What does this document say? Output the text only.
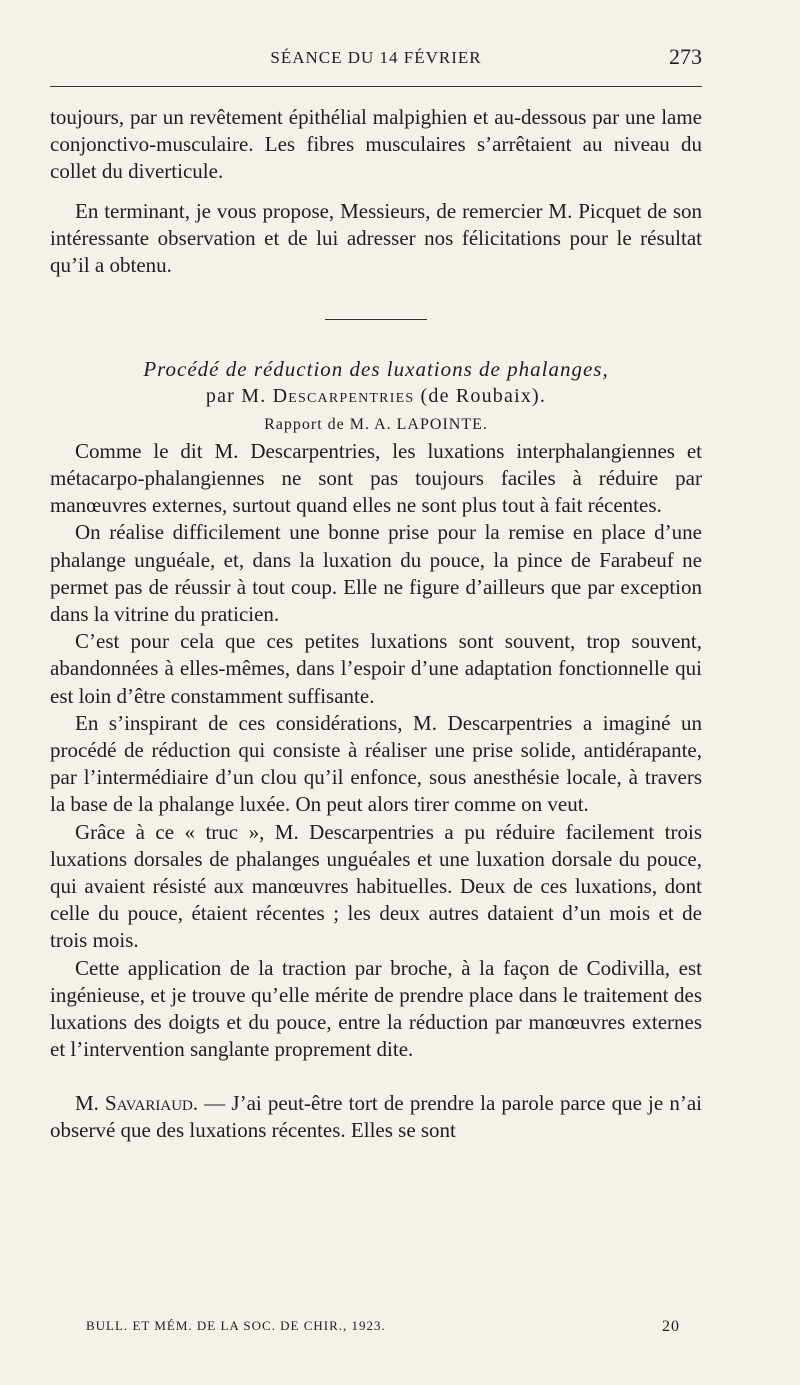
SÉANCE DU 14 FÉVRIER	273

toujours, par un revêtement épithélial malpighien et au-dessous par une lame conjonctivo-musculaire. Les fibres musculaires s’arrêtaient au niveau du collet du diverticule.

En terminant, je vous propose, Messieurs, de remercier M. Picquet de son intéressante observation et de lui adresser nos félicitations pour le résultat qu’il a obtenu.

Procédé de réduction des luxations de phalanges,

par M. Descarpentries (de Roubaix).

Rapport de M. A. LAPOINTE.

Comme le dit M. Descarpentries, les luxations interphalangiennes et métacarpo-phalangiennes ne sont pas toujours faciles à réduire par manœuvres externes, surtout quand elles ne sont plus tout à fait récentes.

On réalise difficilement une bonne prise pour la remise en place d’une phalange unguéale, et, dans la luxation du pouce, la pince de Farabeuf ne permet pas de réussir à tout coup. Elle ne figure d’ailleurs que par exception dans la vitrine du praticien.

C’est pour cela que ces petites luxations sont souvent, trop souvent, abandonnées à elles-mêmes, dans l’espoir d’une adaptation fonctionnelle qui est loin d’être constamment suffisante.

En s’inspirant de ces considérations, M. Descarpentries a imaginé un procédé de réduction qui consiste à réaliser une prise solide, antidérapante, par l’intermédiaire d’un clou qu’il enfonce, sous anesthésie locale, à travers la base de la phalange luxée. On peut alors tirer comme on veut.

Grâce à ce « truc », M. Descarpentries a pu réduire facilement trois luxations dorsales de phalanges unguéales et une luxation dorsale du pouce, qui avaient résisté aux manœuvres habituelles. Deux de ces luxations, dont celle du pouce, étaient récentes ; les deux autres dataient d’un mois et de trois mois.

Cette application de la traction par broche, à la façon de Codivilla, est ingénieuse, et je trouve qu’elle mérite de prendre place dans le traitement des luxations des doigts et du pouce, entre la réduction par manœuvres externes et l’intervention sanglante proprement dite.

M. Savariaud. — J’ai peut-être tort de prendre la parole parce que je n’ai observé que des luxations récentes. Elles se sont

BULL. ET MÉM. DE LA SOC. DE CHIR., 1923.	20
